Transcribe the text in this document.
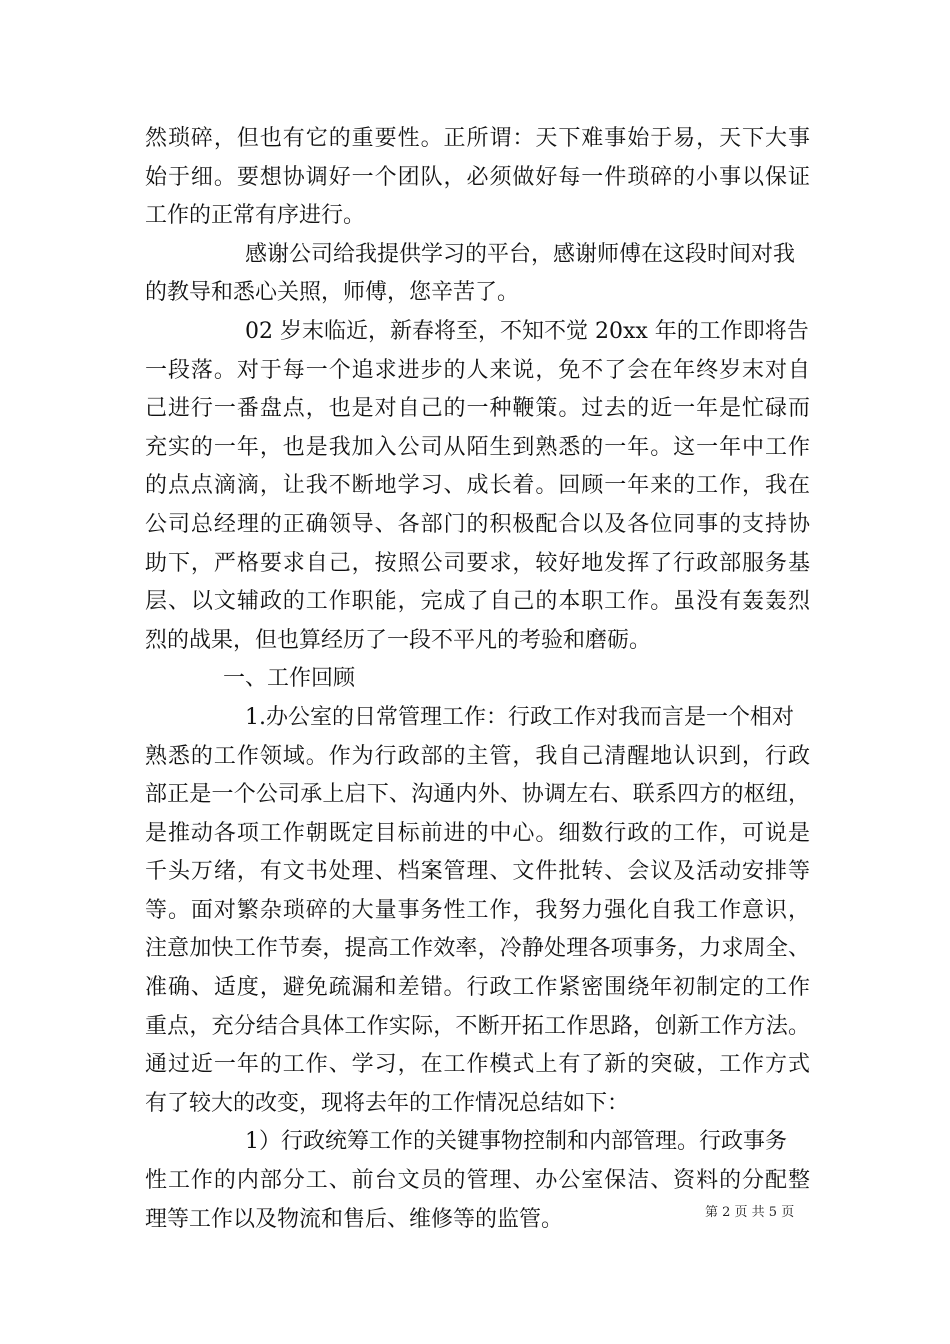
然琐碎，但也有它的重要性。正所谓：天下难事始于易，天下大事
始于细。要想协调好一个团队，必须做好每一件琐碎的小事以保证
工作的正常有序进行。
感谢公司给我提供学习的平台，感谢师傅在这段时间对我
的教导和悉心关照，师傅，您辛苦了。
02 岁末临近，新春将至，不知不觉 20xx 年的工作即将告
一段落。对于每一个追求进步的人来说，免不了会在年终岁末对自
己进行一番盘点，也是对自己的一种鞭策。过去的近一年是忙碌而
充实的一年，也是我加入公司从陌生到熟悉的一年。这一年中工作
的点点滴滴，让我不断地学习、成长着。回顾一年来的工作，我在
公司总经理的正确领导、各部门的积极配合以及各位同事的支持协
助下，严格要求自己，按照公司要求，较好地发挥了行政部服务基
层、以文辅政的工作职能，完成了自己的本职工作。虽没有轰轰烈
烈的战果，但也算经历了一段不平凡的考验和磨砺。
一、工作回顾
1.办公室的日常管理工作：行政工作对我而言是一个相对
熟悉的工作领域。作为行政部的主管，我自己清醒地认识到，行政
部正是一个公司承上启下、沟通内外、协调左右、联系四方的枢纽，
是推动各项工作朝既定目标前进的中心。细数行政的工作，可说是
千头万绪，有文书处理、档案管理、文件批转、会议及活动安排等
等。面对繁杂琐碎的大量事务性工作，我努力强化自我工作意识，
注意加快工作节奏，提高工作效率，冷静处理各项事务，力求周全、
准确、适度，避免疏漏和差错。行政工作紧密围绕年初制定的工作
重点，充分结合具体工作实际，不断开拓工作思路，创新工作方法。
通过近一年的工作、学习，在工作模式上有了新的突破，工作方式
有了较大的改变，现将去年的工作情况总结如下：
1）行政统筹工作的关键事物控制和内部管理。行政事务
性工作的内部分工、前台文员的管理、办公室保洁、资料的分配整
理等工作以及物流和售后、维修等的监管。	第 2 页 共 5 页
